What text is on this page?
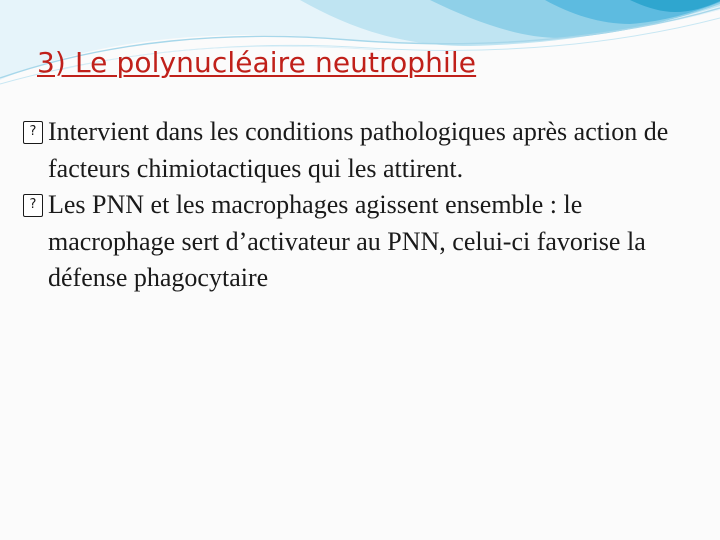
3) Le polynucléaire neutrophile
?
Intervient dans les conditions pathologiques après action de facteurs chimiotactiques qui les attirent.
?
Les PNN et les macrophages agissent ensemble : le macrophage sert d’activateur au PNN, celui-ci favorise la défense phagocytaire
